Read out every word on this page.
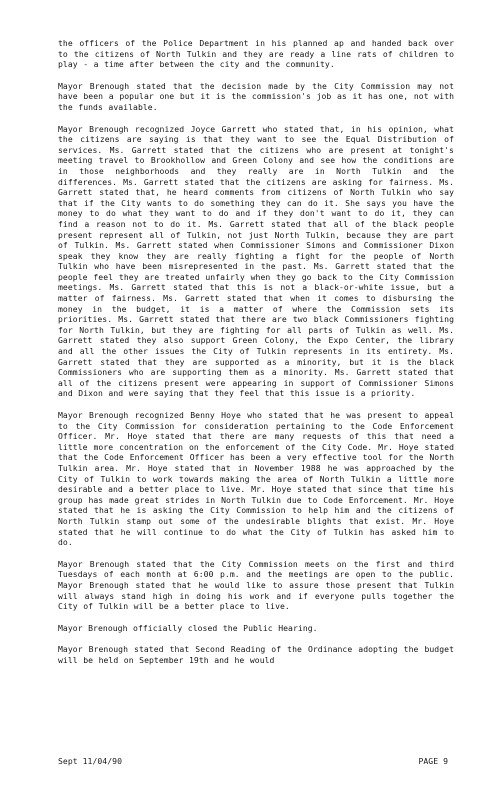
the officers of the Police Department in his planned ap and handed back over to the citizens of North Tulkin and they are ready a line rats of children to play - a time after between the city and the community.

Mayor Brenough stated that the decision made by the City Commission may not have been a popular one but it is the commission's job as it has one, not with the funds available.

Mayor Brenough recognized Joyce Garrett who stated that, in his opinion, what the citizens are saying is that they want to see the Equal Distribution of services. Ms. Garrett stated that the citizens who are present at tonight's meeting travel to Brookhollow and Green Colony and see how the conditions are in those neighborhoods and they really are in North Tulkin and the differences. Ms. Garrett stated that the citizens are asking for fairness. Ms. Garrett stated that, he heard comments from citizens of North Tulkin who say that if the City wants to do something they can do it. She says you have the money to do what they want to do and if they don't want to do it, they can find a reason not to do it. Ms. Garrett stated that all of the black people present represent all of Tulkin, not just North Tulkin, because they are part of Tulkin. Ms. Garrett stated when Commissioner Simons and Commissioner Dixon speak they know they are really fighting a fight for the people of North Tulkin who have been misrepresented in the past. Ms. Garrett stated that the people feel they are treated unfairly when they go back to the City Commission meetings. Ms. Garrett stated that this is not a black-or-white issue, but a matter of fairness. Ms. Garrett stated that when it comes to disbursing the money in the budget, it is a matter of where the Commission sets its priorities. Ms. Garrett stated that there are two black Commissioners fighting for North Tulkin, but they are fighting for all parts of Tulkin as well. Ms. Garrett stated they also support Green Colony, the Expo Center, the library and all the other issues the City of Tulkin represents in its entirety. Ms. Garrett stated that they are supported as a minority, but it is the black Commissioners who are supporting them as a minority. Ms. Garrett stated that all of the citizens present were appearing in support of Commissioner Simons and Dixon and were saying that they feel that this issue is a priority.

Mayor Brenough recognized Benny Hoye who stated that he was present to appeal to the City Commission for consideration pertaining to the Code Enforcement Officer. Mr. Hoye stated that there are many requests of this that need a little more concentration on the enforcement of the City Code. Mr. Hoye stated that the Code Enforcement Officer has been a very effective tool for the North Tulkin area. Mr. Hoye stated that in November 1988 he was approached by the City of Tulkin to work towards making the area of North Tulkin a little more desirable and a better place to live. Mr. Hoye stated that since that time his group has made great strides in North Tulkin due to Code Enforcement. Mr. Hoye stated that he is asking the City Commission to help him and the citizens of North Tulkin stamp out some of the undesirable blights that exist. Mr. Hoye stated that he will continue to do what the City of Tulkin has asked him to do.

Mayor Brenough stated that the City Commission meets on the first and third Tuesdays of each month at 6:00 p.m. and the meetings are open to the public. Mayor Brenough stated that he would like to assure those present that Tulkin will always stand high in doing his work and if everyone pulls together the City of Tulkin will be a better place to live.

Mayor Brenough officially closed the Public Hearing.

Mayor Brenough stated that Second Reading of the Ordinance adopting the budget will be held on September 19th and he would

Sept 11/04/90	PAGE 9
